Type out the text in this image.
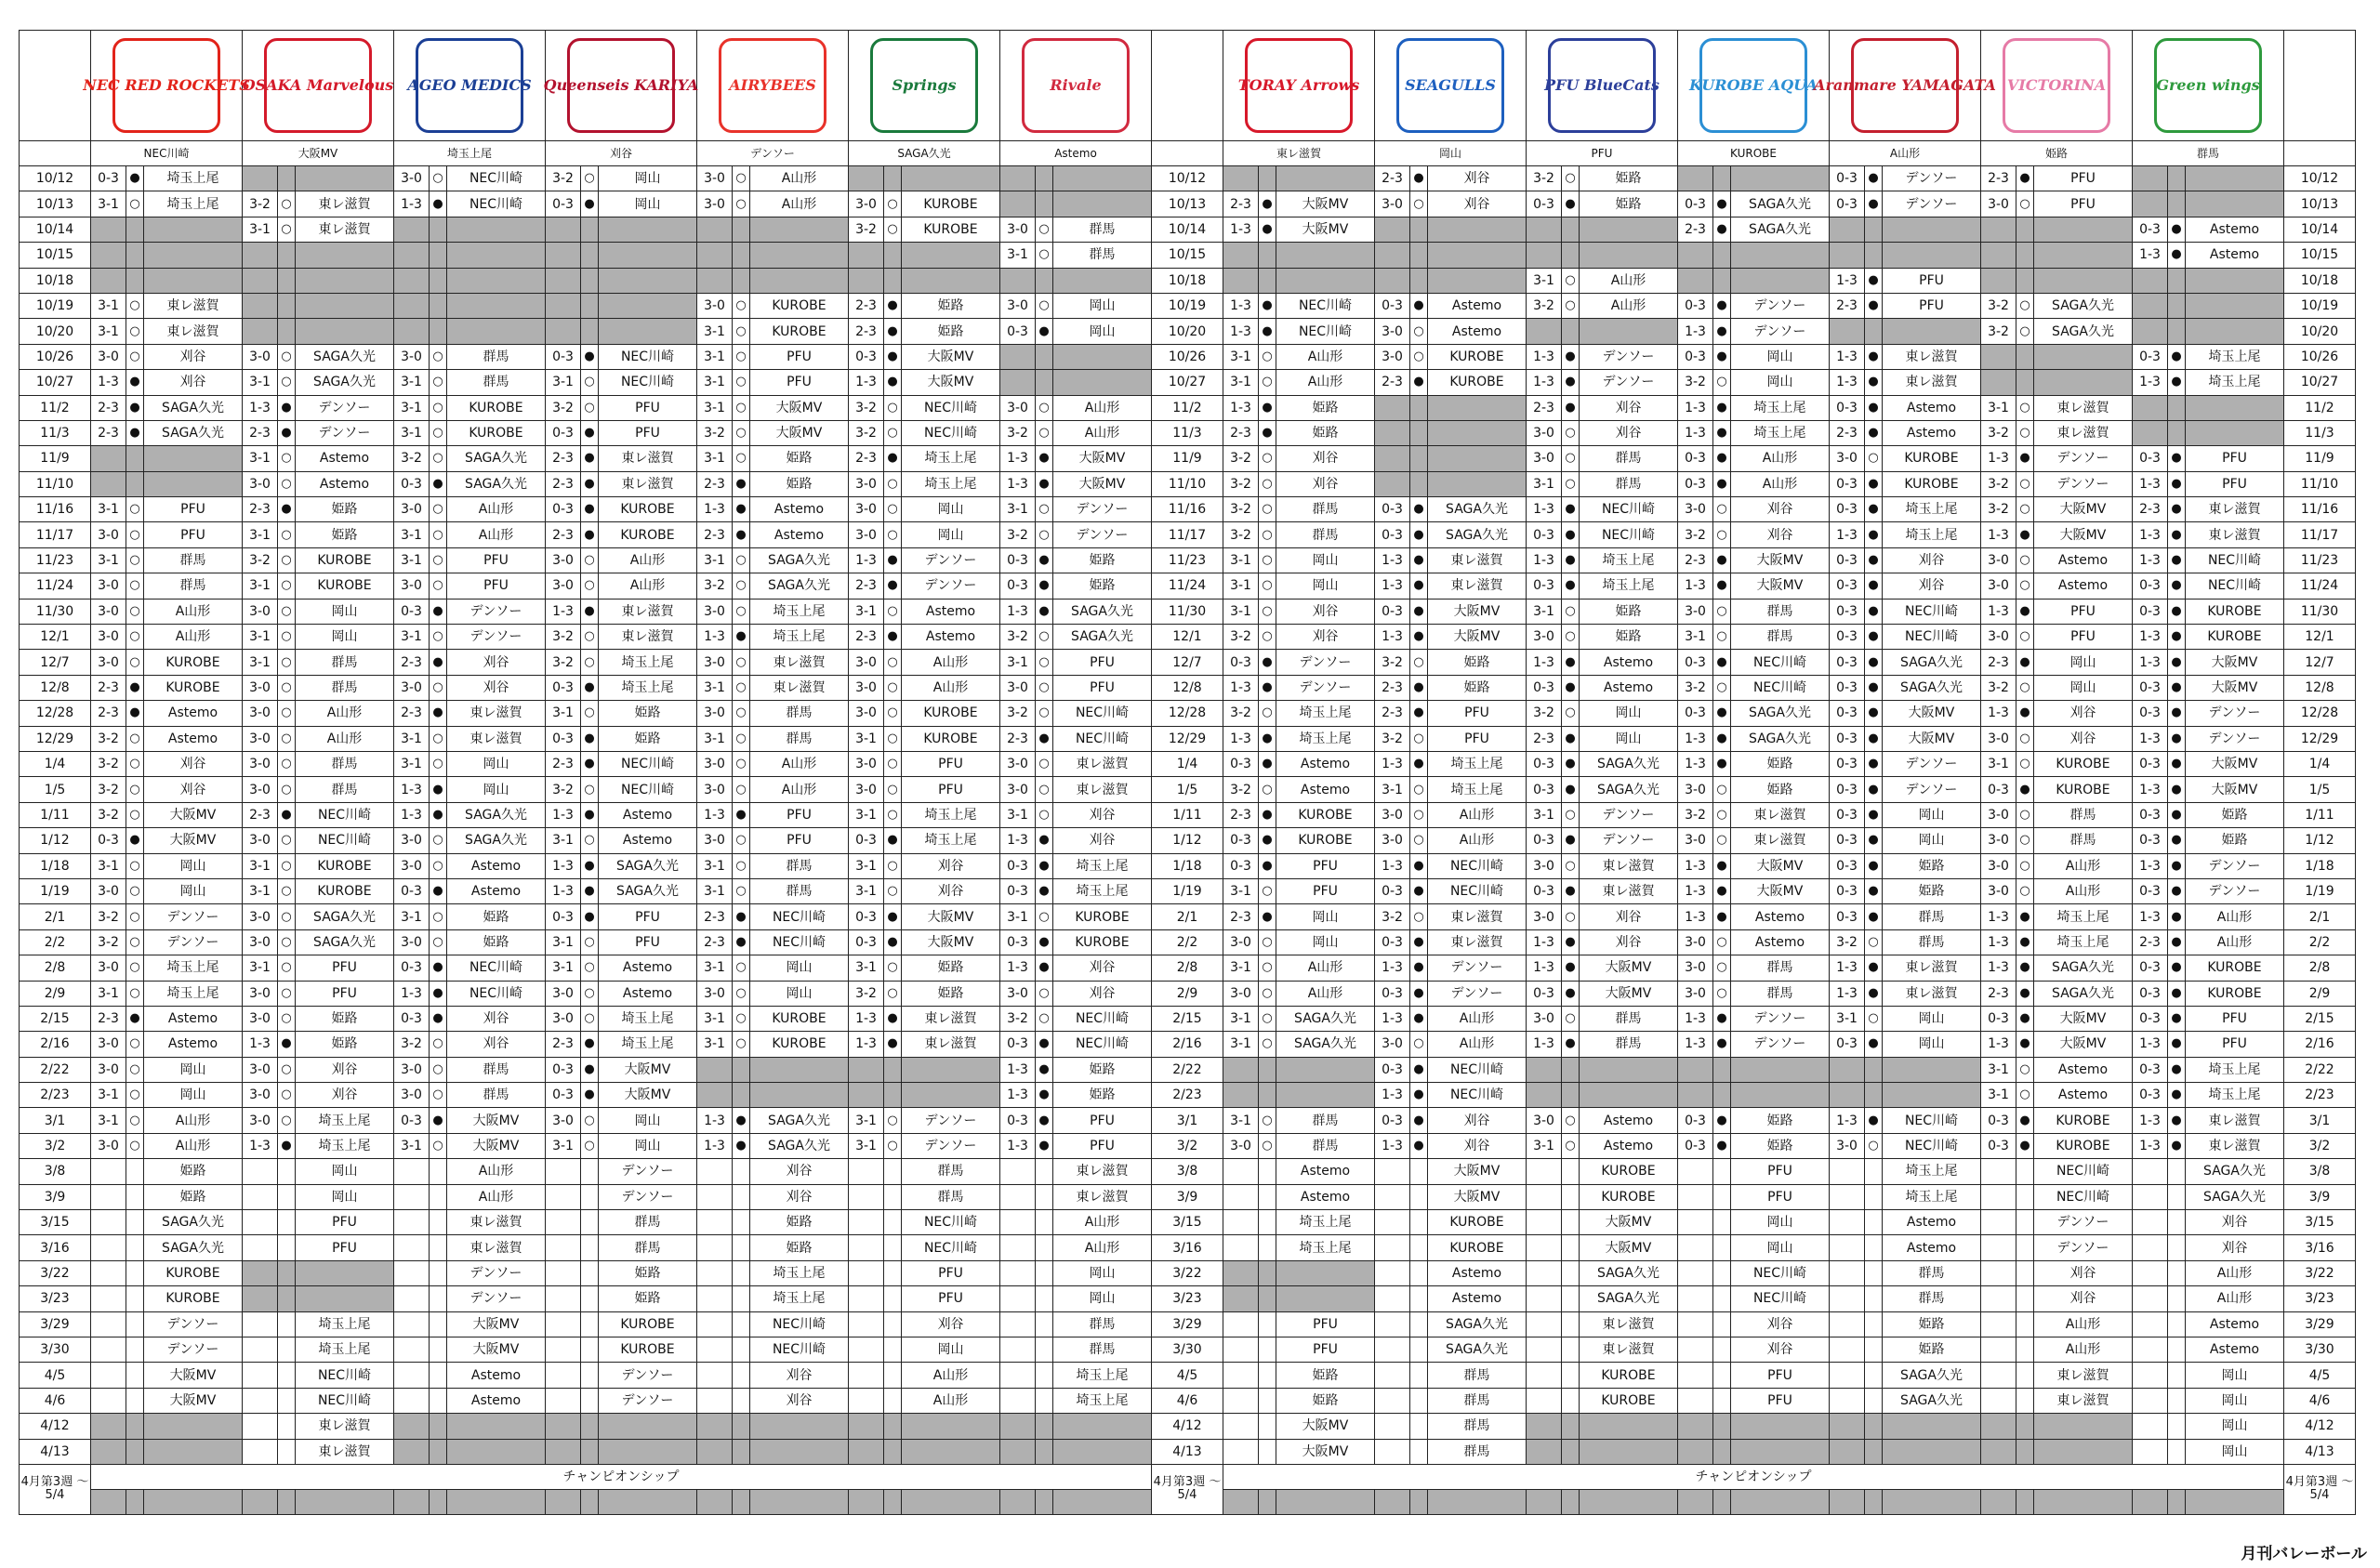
NEC RED ROCKETS			OSAKA Marvelous			AGEO MEDICS			Queenseis KARIYA			AIRYBEES			Springs			Rivale				TORAY Arrows			SEAGULLS			PFU BlueCats			KUROBE AQUA			Aranmare YAMAGATA			VICTORINA			Green wings			

	NEC川崎			大阪MV			埼玉上尾			刈谷			デンソー			SAGA久光			Astemo				東レ滋賀			岡山			PFU			KUROBE			A山形			姫路			群馬			
10/12	0-3	●	埼玉上尾				3-0	○	NEC川崎	3-2	○	岡山	3-0	○	A山形							10/12				2-3	●	刈谷	3-2	○	姫路				0-3	●	デンソー	2-3	●	PFU				10/12
10/13	3-1	○	埼玉上尾	3-2	○	東レ滋賀	1-3	●	NEC川崎	0-3	●	岡山	3-0	○	A山形	3-0	○	KUROBE				10/13	2-3	●	大阪MV	3-0	○	刈谷	0-3	●	姫路	0-3	●	SAGA久光	0-3	●	デンソー	3-0	○	PFU				10/13
10/14				3-1	○	東レ滋賀										3-2	○	KUROBE	3-0	○	群馬	10/14	1-3	●	大阪MV							2-3	●	SAGA久光							0-3	●	Astemo	10/14
10/15																			3-1	○	群馬	10/15																			1-3	●	Astemo	10/15
10/18																						10/18							3-1	○	A山形				1-3	●	PFU							10/18
10/19	3-1	○	東レ滋賀										3-0	○	KUROBE	2-3	●	姫路	3-0	○	岡山	10/19	1-3	●	NEC川崎	0-3	●	Astemo	3-2	○	A山形	0-3	●	デンソー	2-3	●	PFU	3-2	○	SAGA久光				10/19
10/20	3-1	○	東レ滋賀										3-1	○	KUROBE	2-3	●	姫路	0-3	●	岡山	10/20	1-3	●	NEC川崎	3-0	○	Astemo				1-3	●	デンソー				3-2	○	SAGA久光				10/20
10/26	3-0	○	刈谷	3-0	○	SAGA久光	3-0	○	群馬	0-3	●	NEC川崎	3-1	○	PFU	0-3	●	大阪MV				10/26	3-1	○	A山形	3-0	○	KUROBE	1-3	●	デンソー	0-3	●	岡山	1-3	●	東レ滋賀				0-3	●	埼玉上尾	10/26
10/27	1-3	●	刈谷	3-1	○	SAGA久光	3-1	○	群馬	3-1	○	NEC川崎	3-1	○	PFU	1-3	●	大阪MV				10/27	3-1	○	A山形	2-3	●	KUROBE	1-3	●	デンソー	3-2	○	岡山	1-3	●	東レ滋賀				1-3	●	埼玉上尾	10/27
11/2	2-3	●	SAGA久光	1-3	●	デンソー	3-1	○	KUROBE	3-2	○	PFU	3-1	○	大阪MV	3-2	○	NEC川崎	3-0	○	A山形	11/2	1-3	●	姫路				2-3	●	刈谷	1-3	●	埼玉上尾	0-3	●	Astemo	3-1	○	東レ滋賀				11/2
11/3	2-3	●	SAGA久光	2-3	●	デンソー	3-1	○	KUROBE	0-3	●	PFU	3-2	○	大阪MV	3-2	○	NEC川崎	3-2	○	A山形	11/3	2-3	●	姫路				3-0	○	刈谷	1-3	●	埼玉上尾	2-3	●	Astemo	3-2	○	東レ滋賀				11/3
11/9				3-1	○	Astemo	3-2	○	SAGA久光	2-3	●	東レ滋賀	3-1	○	姫路	2-3	●	埼玉上尾	1-3	●	大阪MV	11/9	3-2	○	刈谷				3-0	○	群馬	0-3	●	A山形	3-0	○	KUROBE	1-3	●	デンソー	0-3	●	PFU	11/9
11/10				3-0	○	Astemo	0-3	●	SAGA久光	2-3	●	東レ滋賀	2-3	●	姫路	3-0	○	埼玉上尾	1-3	●	大阪MV	11/10	3-2	○	刈谷				3-1	○	群馬	0-3	●	A山形	0-3	●	KUROBE	3-2	○	デンソー	1-3	●	PFU	11/10
11/16	3-1	○	PFU	2-3	●	姫路	3-0	○	A山形	0-3	●	KUROBE	1-3	●	Astemo	3-0	○	岡山	3-1	○	デンソー	11/16	3-2	○	群馬	0-3	●	SAGA久光	1-3	●	NEC川崎	3-0	○	刈谷	0-3	●	埼玉上尾	3-2	○	大阪MV	2-3	●	東レ滋賀	11/16
11/17	3-0	○	PFU	3-1	○	姫路	3-1	○	A山形	2-3	●	KUROBE	2-3	●	Astemo	3-0	○	岡山	3-2	○	デンソー	11/17	3-2	○	群馬	0-3	●	SAGA久光	0-3	●	NEC川崎	3-2	○	刈谷	1-3	●	埼玉上尾	1-3	●	大阪MV	1-3	●	東レ滋賀	11/17
11/23	3-1	○	群馬	3-2	○	KUROBE	3-1	○	PFU	3-0	○	A山形	3-1	○	SAGA久光	1-3	●	デンソー	0-3	●	姫路	11/23	3-1	○	岡山	1-3	●	東レ滋賀	1-3	●	埼玉上尾	2-3	●	大阪MV	0-3	●	刈谷	3-0	○	Astemo	1-3	●	NEC川崎	11/23
11/24	3-0	○	群馬	3-1	○	KUROBE	3-0	○	PFU	3-0	○	A山形	3-2	○	SAGA久光	2-3	●	デンソー	0-3	●	姫路	11/24	3-1	○	岡山	1-3	●	東レ滋賀	0-3	●	埼玉上尾	1-3	●	大阪MV	0-3	●	刈谷	3-0	○	Astemo	0-3	●	NEC川崎	11/24
11/30	3-0	○	A山形	3-0	○	岡山	0-3	●	デンソー	1-3	●	東レ滋賀	3-0	○	埼玉上尾	3-1	○	Astemo	1-3	●	SAGA久光	11/30	3-1	○	刈谷	0-3	●	大阪MV	3-1	○	姫路	3-0	○	群馬	0-3	●	NEC川崎	1-3	●	PFU	0-3	●	KUROBE	11/30
12/1	3-0	○	A山形	3-1	○	岡山	3-1	○	デンソー	3-2	○	東レ滋賀	1-3	●	埼玉上尾	2-3	●	Astemo	3-2	○	SAGA久光	12/1	3-2	○	刈谷	1-3	●	大阪MV	3-0	○	姫路	3-1	○	群馬	0-3	●	NEC川崎	3-0	○	PFU	1-3	●	KUROBE	12/1
12/7	3-0	○	KUROBE	3-1	○	群馬	2-3	●	刈谷	3-2	○	埼玉上尾	3-0	○	東レ滋賀	3-0	○	A山形	3-1	○	PFU	12/7	0-3	●	デンソー	3-2	○	姫路	1-3	●	Astemo	0-3	●	NEC川崎	0-3	●	SAGA久光	2-3	●	岡山	1-3	●	大阪MV	12/7
12/8	2-3	●	KUROBE	3-0	○	群馬	3-0	○	刈谷	0-3	●	埼玉上尾	3-1	○	東レ滋賀	3-0	○	A山形	3-0	○	PFU	12/8	1-3	●	デンソー	2-3	●	姫路	0-3	●	Astemo	3-2	○	NEC川崎	0-3	●	SAGA久光	3-2	○	岡山	0-3	●	大阪MV	12/8
12/28	2-3	●	Astemo	3-0	○	A山形	2-3	●	東レ滋賀	3-1	○	姫路	3-0	○	群馬	3-0	○	KUROBE	3-2	○	NEC川崎	12/28	3-2	○	埼玉上尾	2-3	●	PFU	3-2	○	岡山	0-3	●	SAGA久光	0-3	●	大阪MV	1-3	●	刈谷	0-3	●	デンソー	12/28
12/29	3-2	○	Astemo	3-0	○	A山形	3-1	○	東レ滋賀	0-3	●	姫路	3-1	○	群馬	3-1	○	KUROBE	2-3	●	NEC川崎	12/29	1-3	●	埼玉上尾	3-2	○	PFU	2-3	●	岡山	1-3	●	SAGA久光	0-3	●	大阪MV	3-0	○	刈谷	1-3	●	デンソー	12/29
1/4	3-2	○	刈谷	3-0	○	群馬	3-1	○	岡山	2-3	●	NEC川崎	3-0	○	A山形	3-0	○	PFU	3-0	○	東レ滋賀	1/4	0-3	●	Astemo	1-3	●	埼玉上尾	0-3	●	SAGA久光	1-3	●	姫路	0-3	●	デンソー	3-1	○	KUROBE	0-3	●	大阪MV	1/4
1/5	3-2	○	刈谷	3-0	○	群馬	1-3	●	岡山	3-2	○	NEC川崎	3-0	○	A山形	3-0	○	PFU	3-0	○	東レ滋賀	1/5	3-2	○	Astemo	3-1	○	埼玉上尾	0-3	●	SAGA久光	3-0	○	姫路	0-3	●	デンソー	0-3	●	KUROBE	1-3	●	大阪MV	1/5
1/11	3-2	○	大阪MV	2-3	●	NEC川崎	1-3	●	SAGA久光	1-3	●	Astemo	1-3	●	PFU	3-1	○	埼玉上尾	3-1	○	刈谷	1/11	2-3	●	KUROBE	3-0	○	A山形	3-1	○	デンソー	3-2	○	東レ滋賀	0-3	●	岡山	3-0	○	群馬	0-3	●	姫路	1/11
1/12	0-3	●	大阪MV	3-0	○	NEC川崎	3-0	○	SAGA久光	3-1	○	Astemo	3-0	○	PFU	0-3	●	埼玉上尾	1-3	●	刈谷	1/12	0-3	●	KUROBE	3-0	○	A山形	0-3	●	デンソー	3-0	○	東レ滋賀	0-3	●	岡山	3-0	○	群馬	0-3	●	姫路	1/12
1/18	3-1	○	岡山	3-1	○	KUROBE	3-0	○	Astemo	1-3	●	SAGA久光	3-1	○	群馬	3-1	○	刈谷	0-3	●	埼玉上尾	1/18	0-3	●	PFU	1-3	●	NEC川崎	3-0	○	東レ滋賀	1-3	●	大阪MV	0-3	●	姫路	3-0	○	A山形	1-3	●	デンソー	1/18
1/19	3-0	○	岡山	3-1	○	KUROBE	0-3	●	Astemo	1-3	●	SAGA久光	3-1	○	群馬	3-1	○	刈谷	0-3	●	埼玉上尾	1/19	3-1	○	PFU	0-3	●	NEC川崎	0-3	●	東レ滋賀	1-3	●	大阪MV	0-3	●	姫路	3-0	○	A山形	0-3	●	デンソー	1/19
2/1	3-2	○	デンソー	3-0	○	SAGA久光	3-1	○	姫路	0-3	●	PFU	2-3	●	NEC川崎	0-3	●	大阪MV	3-1	○	KUROBE	2/1	2-3	●	岡山	3-2	○	東レ滋賀	3-0	○	刈谷	1-3	●	Astemo	0-3	●	群馬	1-3	●	埼玉上尾	1-3	●	A山形	2/1
2/2	3-2	○	デンソー	3-0	○	SAGA久光	3-0	○	姫路	3-1	○	PFU	2-3	●	NEC川崎	0-3	●	大阪MV	0-3	●	KUROBE	2/2	3-0	○	岡山	0-3	●	東レ滋賀	1-3	●	刈谷	3-0	○	Astemo	3-2	○	群馬	1-3	●	埼玉上尾	2-3	●	A山形	2/2
2/8	3-0	○	埼玉上尾	3-1	○	PFU	0-3	●	NEC川崎	3-1	○	Astemo	3-1	○	岡山	3-1	○	姫路	1-3	●	刈谷	2/8	3-1	○	A山形	1-3	●	デンソー	1-3	●	大阪MV	3-0	○	群馬	1-3	●	東レ滋賀	1-3	●	SAGA久光	0-3	●	KUROBE	2/8
2/9	3-1	○	埼玉上尾	3-0	○	PFU	1-3	●	NEC川崎	3-0	○	Astemo	3-0	○	岡山	3-2	○	姫路	3-0	○	刈谷	2/9	3-0	○	A山形	0-3	●	デンソー	0-3	●	大阪MV	3-0	○	群馬	1-3	●	東レ滋賀	2-3	●	SAGA久光	0-3	●	KUROBE	2/9
2/15	2-3	●	Astemo	3-0	○	姫路	0-3	●	刈谷	3-0	○	埼玉上尾	3-1	○	KUROBE	1-3	●	東レ滋賀	3-2	○	NEC川崎	2/15	3-1	○	SAGA久光	1-3	●	A山形	3-0	○	群馬	1-3	●	デンソー	3-1	○	岡山	0-3	●	大阪MV	0-3	●	PFU	2/15
2/16	3-0	○	Astemo	1-3	●	姫路	3-2	○	刈谷	2-3	●	埼玉上尾	3-1	○	KUROBE	1-3	●	東レ滋賀	0-3	●	NEC川崎	2/16	3-1	○	SAGA久光	3-0	○	A山形	1-3	●	群馬	1-3	●	デンソー	0-3	●	岡山	1-3	●	大阪MV	1-3	●	PFU	2/16
2/22	3-0	○	岡山	3-0	○	刈谷	3-0	○	群馬	0-3	●	大阪MV							1-3	●	姫路	2/22				0-3	●	NEC川崎										3-1	○	Astemo	0-3	●	埼玉上尾	2/22
2/23	3-1	○	岡山	3-0	○	刈谷	3-0	○	群馬	0-3	●	大阪MV							1-3	●	姫路	2/23				1-3	●	NEC川崎										3-1	○	Astemo	0-3	●	埼玉上尾	2/23
3/1	3-1	○	A山形	3-0	○	埼玉上尾	0-3	●	大阪MV	3-0	○	岡山	1-3	●	SAGA久光	3-1	○	デンソー	0-3	●	PFU	3/1	3-1	○	群馬	0-3	●	刈谷	3-0	○	Astemo	0-3	●	姫路	1-3	●	NEC川崎	0-3	●	KUROBE	1-3	●	東レ滋賀	3/1
3/2	3-0	○	A山形	1-3	●	埼玉上尾	3-1	○	大阪MV	3-1	○	岡山	1-3	●	SAGA久光	3-1	○	デンソー	1-3	●	PFU	3/2	3-0	○	群馬	1-3	●	刈谷	3-1	○	Astemo	0-3	●	姫路	3-0	○	NEC川崎	0-3	●	KUROBE	1-3	●	東レ滋賀	3/2
3/8			姫路			岡山			A山形			デンソー			刈谷			群馬			東レ滋賀	3/8			Astemo			大阪MV			KUROBE			PFU			埼玉上尾			NEC川崎			SAGA久光	3/8
3/9			姫路			岡山			A山形			デンソー			刈谷			群馬			東レ滋賀	3/9			Astemo			大阪MV			KUROBE			PFU			埼玉上尾			NEC川崎			SAGA久光	3/9
3/15			SAGA久光			PFU			東レ滋賀			群馬			姫路			NEC川崎			A山形	3/15			埼玉上尾			KUROBE			大阪MV			岡山			Astemo			デンソー			刈谷	3/15
3/16			SAGA久光			PFU			東レ滋賀			群馬			姫路			NEC川崎			A山形	3/16			埼玉上尾			KUROBE			大阪MV			岡山			Astemo			デンソー			刈谷	3/16
3/22			KUROBE						デンソー			姫路			埼玉上尾			PFU			岡山	3/22						Astemo			SAGA久光			NEC川崎			群馬			刈谷			A山形	3/22
3/23			KUROBE						デンソー			姫路			埼玉上尾			PFU			岡山	3/23						Astemo			SAGA久光			NEC川崎			群馬			刈谷			A山形	3/23
3/29			デンソー			埼玉上尾			大阪MV			KUROBE			NEC川崎			刈谷			群馬	3/29			PFU			SAGA久光			東レ滋賀			刈谷			姫路			A山形			Astemo	3/29
3/30			デンソー			埼玉上尾			大阪MV			KUROBE			NEC川崎			岡山			群馬	3/30			PFU			SAGA久光			東レ滋賀			刈谷			姫路			A山形			Astemo	3/30
4/5			大阪MV			NEC川崎			Astemo			デンソー			刈谷			A山形			埼玉上尾	4/5			姫路			群馬			KUROBE			PFU			SAGA久光			東レ滋賀			岡山	4/5
4/6			大阪MV			NEC川崎			Astemo			デンソー			刈谷			A山形			埼玉上尾	4/6			姫路			群馬			KUROBE			PFU			SAGA久光			東レ滋賀			岡山	4/6
4/12						東レ滋賀																4/12			大阪MV			群馬															岡山	4/12
4/13						東レ滋賀																4/13			大阪MV			群馬															岡山	4/13
4月第3週 〜5/4	チャンピオンシップ																					4月第3週 〜5/4	チャンピオンシップ																					4月第3週 〜5/4

月刊バレーボール
